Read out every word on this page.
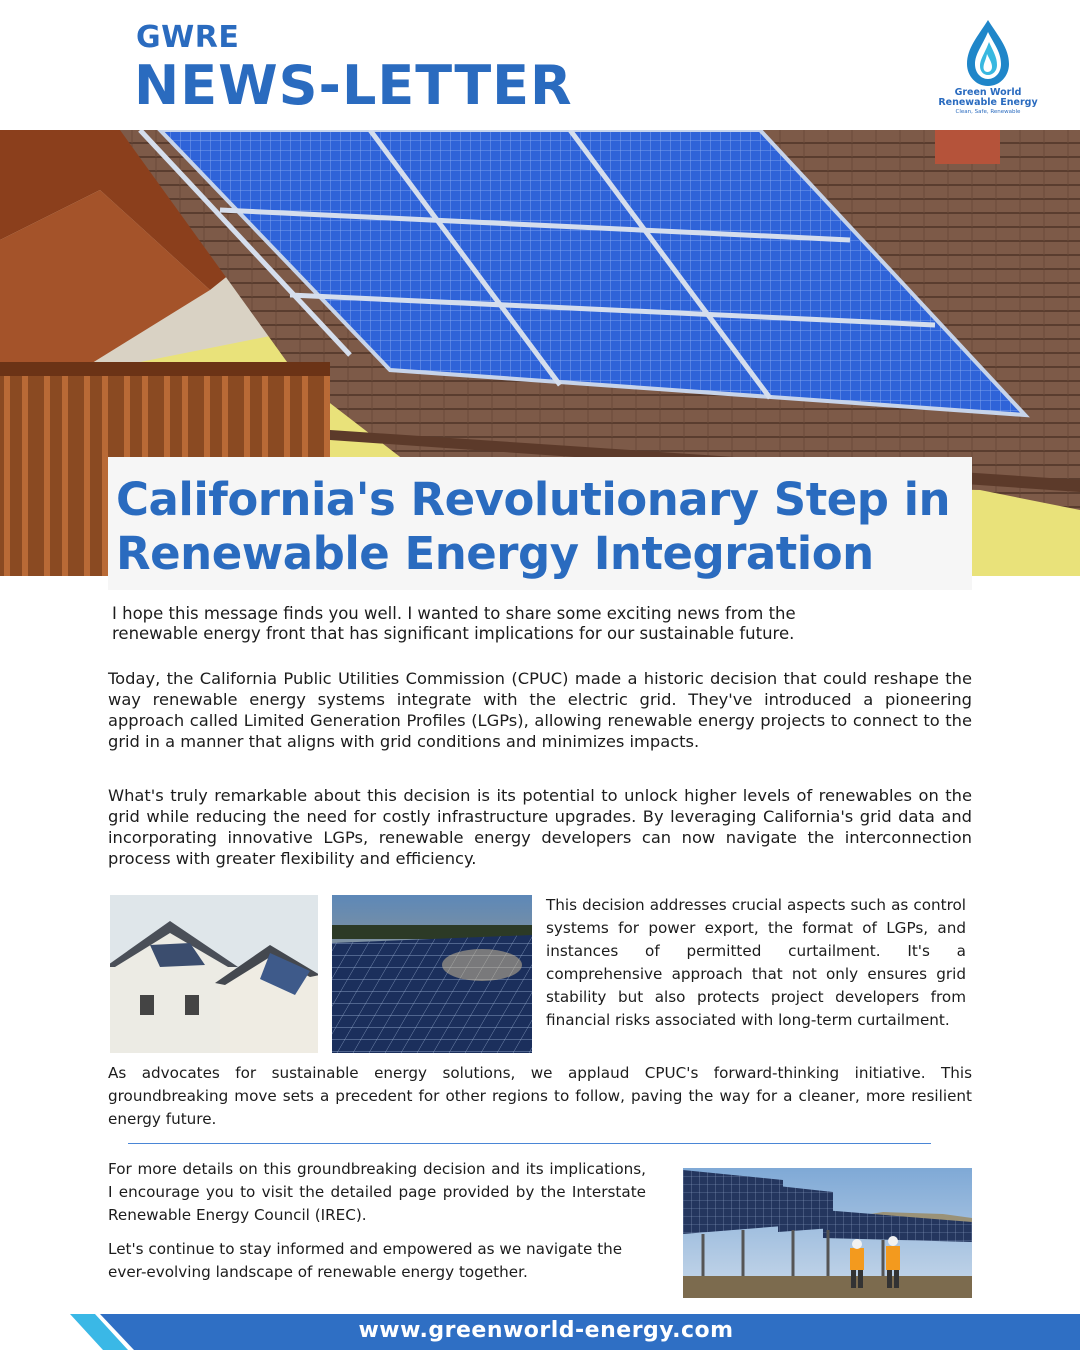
GWRE
NEWS-LETTER	Green World
Renewable Energy
Clean, Safe, Renewable
California's Revolutionary Step in
Renewable Energy Integration

I hope this message finds you well. I wanted to share some exciting news from the renewable energy front that has significant implications for our sustainable future.

Today, the California Public Utilities Commission (CPUC) made a historic decision that could reshape the way renewable energy systems integrate with the electric grid. They've introduced a pioneering approach called Limited Generation Profiles (LGPs), allowing renewable energy projects to connect to the grid in a manner that aligns with grid conditions and minimizes impacts.

What's truly remarkable about this decision is its potential to unlock higher levels of renewables on the grid while reducing the need for costly infrastructure upgrades. By leveraging California's grid data and incorporating innovative LGPs, renewable energy developers can now navigate the interconnection process with greater flexibility and efficiency.

This decision addresses crucial aspects such as control systems for power export, the format of LGPs, and instances of permitted curtailment. It's a comprehensive approach that not only ensures grid stability but also protects project developers from financial risks associated with long-term curtailment.

As advocates for sustainable energy solutions, we applaud CPUC's forward-thinking initiative. This groundbreaking move sets a precedent for other regions to follow, paving the way for a cleaner, more resilient energy future.

For more details on this groundbreaking decision and its implications, I encourage you to visit the detailed page provided by the Interstate Renewable Energy Council (IREC).

Let's continue to stay informed and empowered as we navigate the ever-evolving landscape of renewable energy together.

www.greenworld-energy.com
